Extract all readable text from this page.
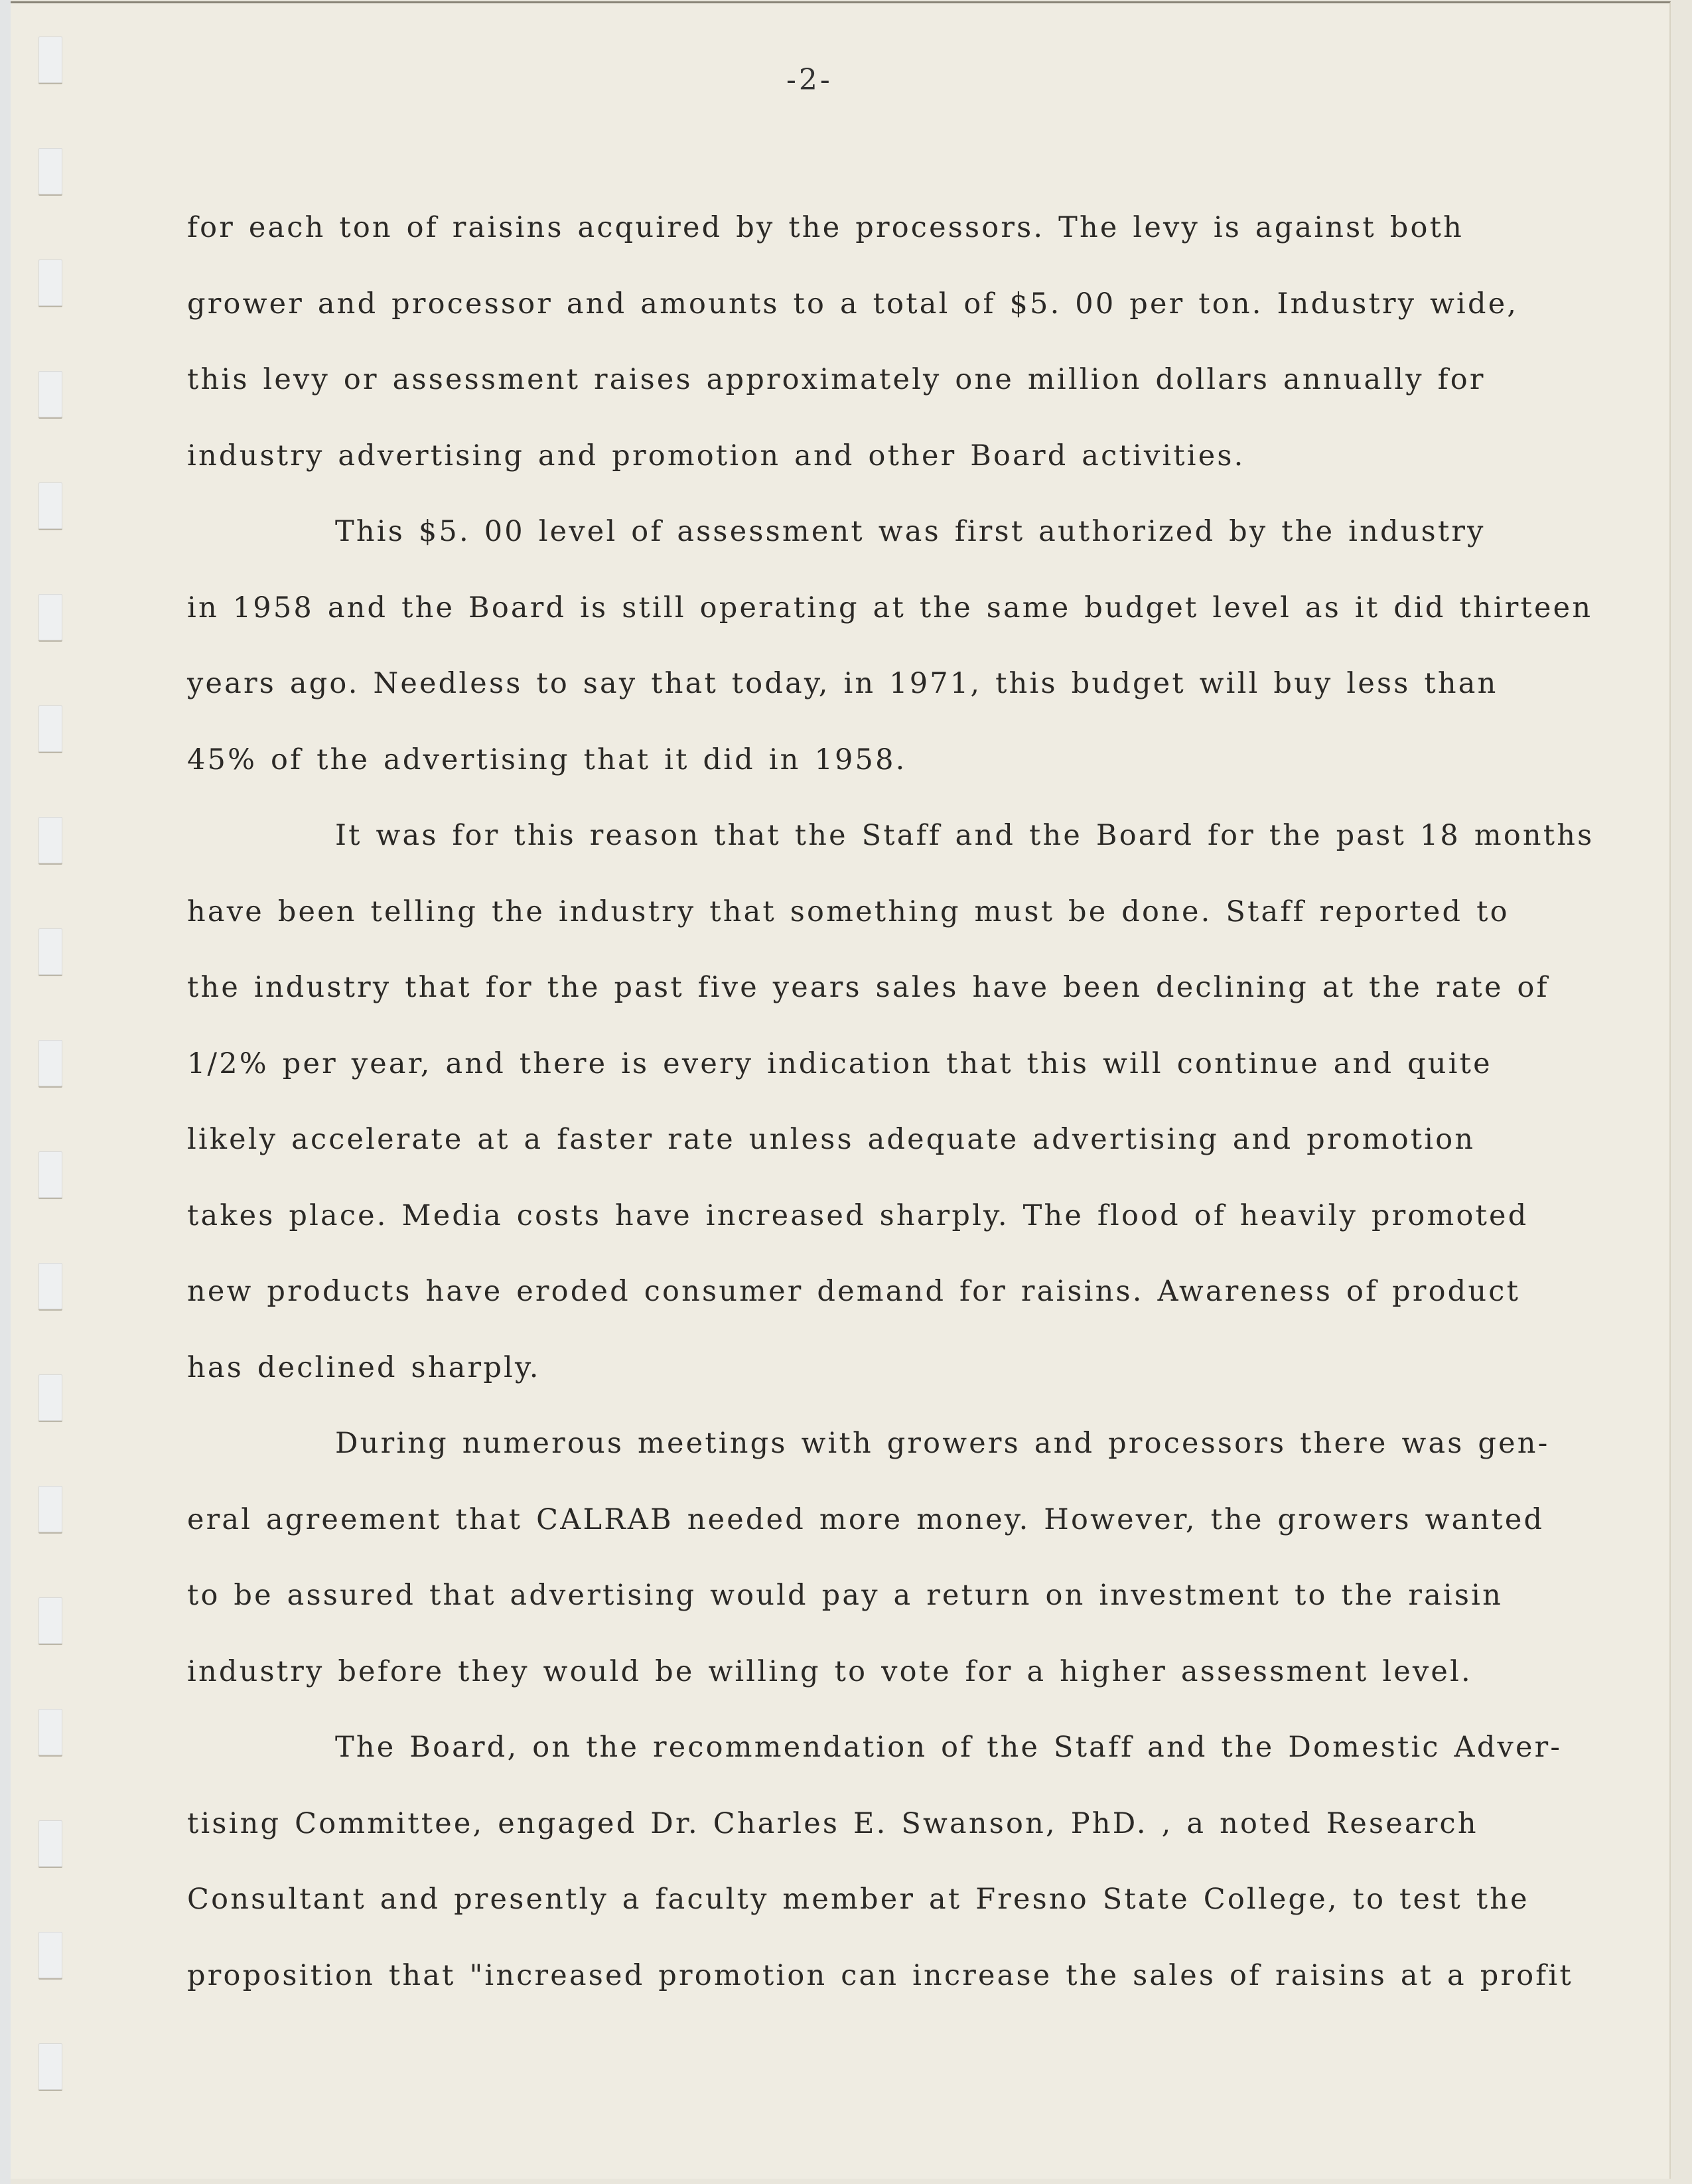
-2-
for each ton of raisins acquired by the processors. The levy is against both
grower and processor and amounts to a total of $5. 00 per ton. Industry wide,
this levy or assessment raises approximately one million dollars annually for
industry advertising and promotion and other Board activities.
This $5. 00 level of assessment was first authorized by the industry
in 1958 and the Board is still operating at the same budget level as it did thirteen
years ago. Needless to say that today, in 1971, this budget will buy less than
45% of the advertising that it did in 1958.
It was for this reason that the Staff and the Board for the past 18 months
have been telling the industry that something must be done. Staff reported to
the industry that for the past five years sales have been declining at the rate of
1/2% per year, and there is every indication that this will continue and quite
likely accelerate at a faster rate unless adequate advertising and promotion
takes place. Media costs have increased sharply. The flood of heavily promoted
new products have eroded consumer demand for raisins. Awareness of product
has declined sharply.
During numerous meetings with growers and processors there was gen-
eral agreement that CALRAB needed more money. However, the growers wanted
to be assured that advertising would pay a return on investment to the raisin
industry before they would be willing to vote for a higher assessment level.
The Board, on the recommendation of the Staff and the Domestic Adver-
tising Committee, engaged Dr. Charles E. Swanson, PhD. , a noted Research
Consultant and presently a faculty member at Fresno State College, to test the
proposition that "increased promotion can increase the sales of raisins at a profit
